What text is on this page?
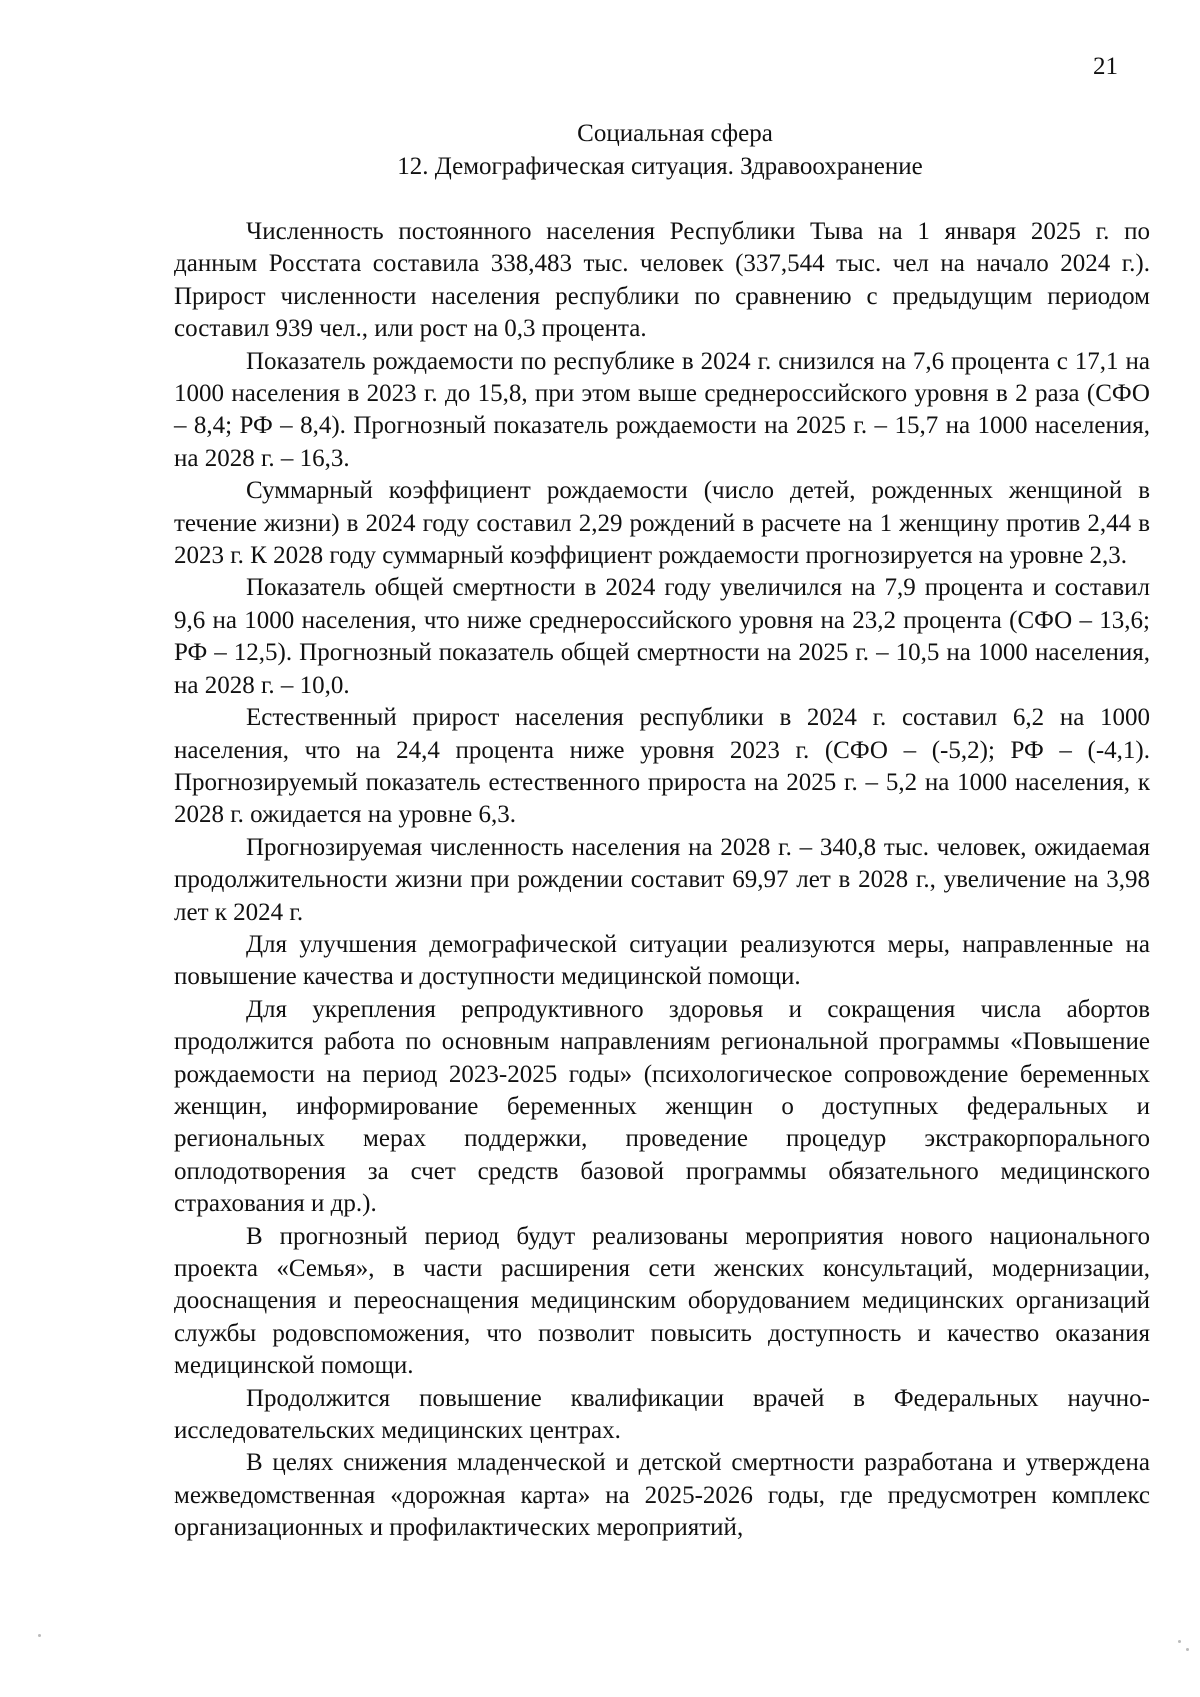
21
Социальная сфера
12. Демографическая ситуация. Здравоохранение

Численность постоянного населения Республики Тыва на 1 января 2025 г. по данным Росстата составила 338,483 тыс. человек (337,544 тыс. чел на начало 2024 г.). Прирост численности населения республики по сравнению с предыдущим периодом составил 939 чел., или рост на 0,3 процента.

Показатель рождаемости по республике в 2024 г. снизился на 7,6 процента с 17,1 на 1000 населения в 2023 г. до 15,8, при этом выше среднероссийского уровня в 2 раза (СФО – 8,4; РФ – 8,4). Прогнозный показатель рождаемости на 2025 г. – 15,7 на 1000 населения, на 2028 г. – 16,3.

Суммарный коэффициент рождаемости (число детей, рожденных женщиной в течение жизни) в 2024 году составил 2,29 рождений в расчете на 1 женщину против 2,44 в 2023 г. К 2028 году суммарный коэффициент рождаемости прогнозируется на уровне 2,3.

Показатель общей смертности в 2024 году увеличился на 7,9 процента и составил 9,6 на 1000 населения, что ниже среднероссийского уровня на 23,2 процента (СФО – 13,6; РФ – 12,5). Прогнозный показатель общей смертности на 2025 г. – 10,5 на 1000 населения, на 2028 г. – 10,0.

Естественный прирост населения республики в 2024 г. составил 6,2 на 1000 населения, что на 24,4 процента ниже уровня 2023 г. (СФО – (-5,2); РФ – (-4,1). Прогнозируемый показатель естественного прироста на 2025 г. – 5,2 на 1000 населения, к 2028 г. ожидается на уровне 6,3.

Прогнозируемая численность населения на 2028 г. – 340,8 тыс. человек, ожидаемая продолжительности жизни при рождении составит 69,97 лет в 2028 г., увеличение на 3,98 лет к 2024 г.

Для улучшения демографической ситуации реализуются меры, направленные на повышение качества и доступности медицинской помощи.

Для укрепления репродуктивного здоровья и сокращения числа абортов продолжится работа по основным направлениям региональной программы «Повышение рождаемости на период 2023-2025 годы» (психологическое сопровождение беременных женщин, информирование беременных женщин о доступных федеральных и региональных мерах поддержки, проведение процедур экстракорпорального оплодотворения за счет средств базовой программы обязательного медицинского страхования и др.).

В прогнозный период будут реализованы мероприятия нового национального проекта «Семья», в части расширения сети женских консультаций, модернизации, дооснащения и переоснащения медицинским оборудованием медицинских организаций службы родовспоможения, что позволит повысить доступность и качество оказания медицинской помощи.

Продолжится повышение квалификации врачей в Федеральных научно-исследовательских медицинских центрах.

В целях снижения младенческой и детской смертности разработана и утверждена межведомственная «дорожная карта» на 2025-2026 годы, где предусмотрен комплекс организационных и профилактических мероприятий,
